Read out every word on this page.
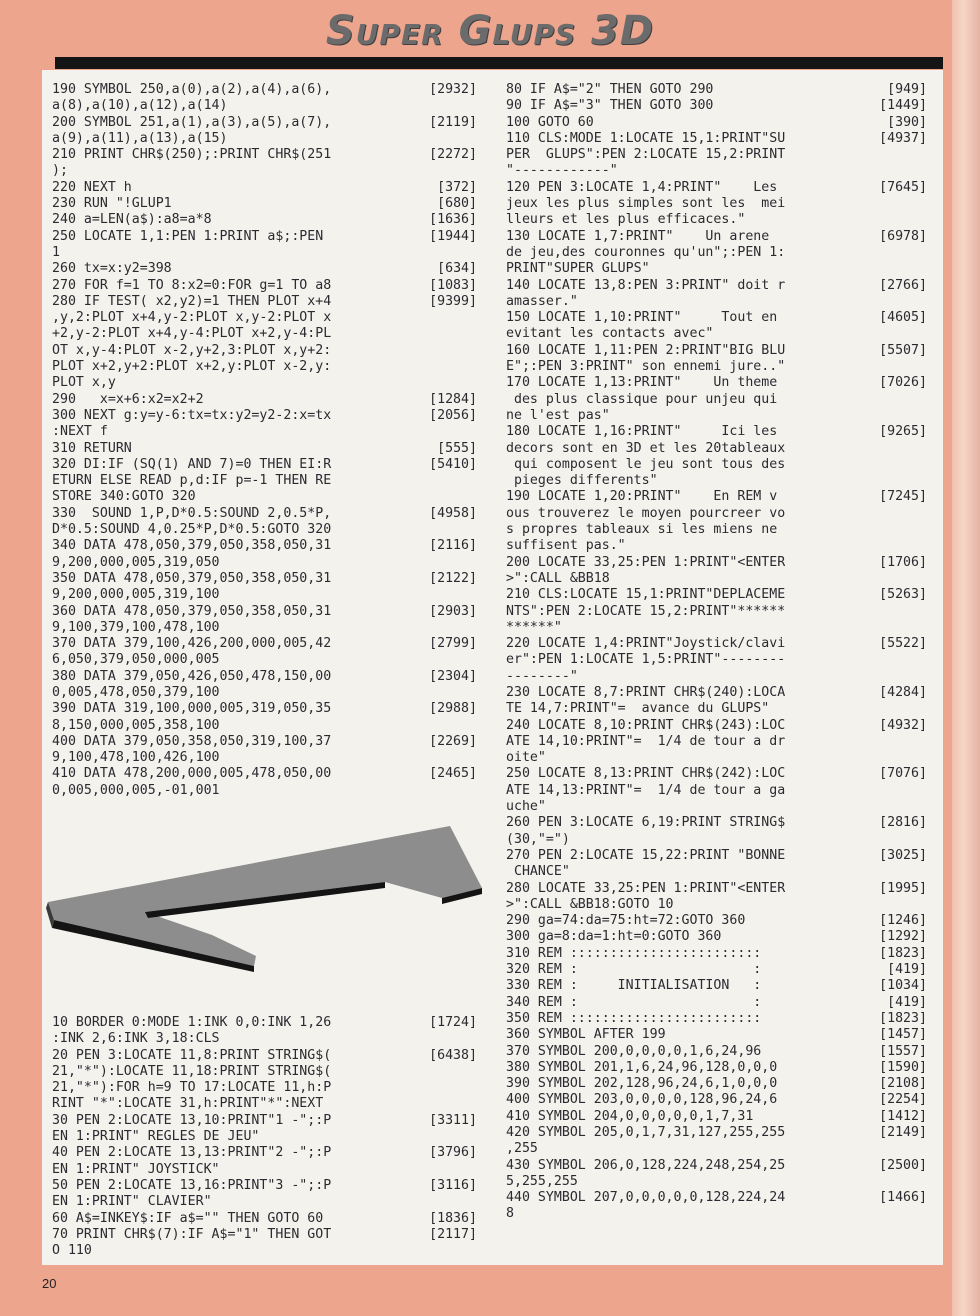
Super Glups 3D
190 SYMBOL 250,a(0),a(2),a(4),a(6),
a(8),a(10),a(12),a(14)
[2932]
200 SYMBOL 251,a(1),a(3),a(5),a(7),
a(9),a(11),a(13),a(15)
[2119]
210 PRINT CHR$(250);:PRINT CHR$(251
);
[2272]
220 NEXT h	[372]
230 RUN "!GLUP1	[680]
240 a=LEN(a$):a8=a*8	[1636]
250 LOCATE 1,1:PEN 1:PRINT a$;:PEN
1
[1944]
260 tx=x:y2=398	[634]
270 FOR f=1 TO 8:x2=0:FOR g=1 TO a8	[1083]
280 IF TEST( x2,y2)=1 THEN PLOT x+4
,y,2:PLOT x+4,y-2:PLOT x,y-2:PLOT x
+2,y-2:PLOT x+4,y-4:PLOT x+2,y-4:PL
OT x,y-4:PLOT x-2,y+2,3:PLOT x,y+2:
PLOT x+2,y+2:PLOT x+2,y:PLOT x-2,y:
PLOT x,y
[9399]
290   x=x+6:x2=x2+2	[1284]
300 NEXT g:y=y-6:tx=tx:y2=y2-2:x=tx
:NEXT f
[2056]
310 RETURN	[555]
320 DI:IF (SQ(1) AND 7)=0 THEN EI:R
ETURN ELSE READ p,d:IF p=-1 THEN RE
STORE 340:GOTO 320
[5410]
330  SOUND 1,P,D*0.5:SOUND 2,0.5*P,
D*0.5:SOUND 4,0.25*P,D*0.5:GOTO 320
[4958]
340 DATA 478,050,379,050,358,050,31
9,200,000,005,319,050
[2116]
350 DATA 478,050,379,050,358,050,31
9,200,000,005,319,100
[2122]
360 DATA 478,050,379,050,358,050,31
9,100,379,100,478,100
[2903]
370 DATA 379,100,426,200,000,005,42
6,050,379,050,000,005
[2799]
380 DATA 379,050,426,050,478,150,00
0,005,478,050,379,100
[2304]
390 DATA 319,100,000,005,319,050,35
8,150,000,005,358,100
[2988]
400 DATA 379,050,358,050,319,100,37
9,100,478,100,426,100
[2269]
410 DATA 478,200,000,005,478,050,00
0,005,000,005,-01,001
[2465]
10 BORDER 0:MODE 1:INK 0,0:INK 1,26
:INK 2,6:INK 3,18:CLS
[1724]
20 PEN 3:LOCATE 11,8:PRINT STRING$(
21,"*"):LOCATE 11,18:PRINT STRING$(
21,"*"):FOR h=9 TO 17:LOCATE 11,h:P
RINT "*":LOCATE 31,h:PRINT"*":NEXT
[6438]
30 PEN 2:LOCATE 13,10:PRINT"1 -";:P
EN 1:PRINT" REGLES DE JEU"
[3311]
40 PEN 2:LOCATE 13,13:PRINT"2 -";:P
EN 1:PRINT" JOYSTICK"
[3796]
50 PEN 2:LOCATE 13,16:PRINT"3 -";:P
EN 1:PRINT" CLAVIER"
[3116]
60 A$=INKEY$:IF a$="" THEN GOTO 60	[1836]
70 PRINT CHR$(7):IF A$="1" THEN GOT
O 110
[2117]
80 IF A$="2" THEN GOTO 290	[949]
90 IF A$="3" THEN GOTO 300	[1449]
100 GOTO 60	[390]
110 CLS:MODE 1:LOCATE 15,1:PRINT"SU
PER  GLUPS":PEN 2:LOCATE 15,2:PRINT
"------------"
[4937]
120 PEN 3:LOCATE 1,4:PRINT"    Les
jeux les plus simples sont les  mei
lleurs et les plus efficaces."
[7645]
130 LOCATE 1,7:PRINT"    Un arene
de jeu,des couronnes qu'un";:PEN 1:
PRINT"SUPER GLUPS"
[6978]
140 LOCATE 13,8:PEN 3:PRINT" doit r
amasser."
[2766]
150 LOCATE 1,10:PRINT"     Tout en
evitant les contacts avec"
[4605]
160 LOCATE 1,11:PEN 2:PRINT"BIG BLU
E";:PEN 3:PRINT" son ennemi jure.."
[5507]
170 LOCATE 1,13:PRINT"    Un theme
des plus classique pour unjeu qui
ne l'est pas"
[7026]
180 LOCATE 1,16:PRINT"     Ici les
decors sont en 3D et les 20tableaux
qui composent le jeu sont tous des
pieges differents"
[9265]
190 LOCATE 1,20:PRINT"    En REM v
ous trouverez le moyen pourcreer vo
s propres tableaux si les miens ne
suffisent pas."
[7245]
200 LOCATE 33,25:PEN 1:PRINT"<ENTER
>":CALL &BB18
[1706]
210 CLS:LOCATE 15,1:PRINT"DEPLACEME
NTS":PEN 2:LOCATE 15,2:PRINT"******
******"
[5263]
220 LOCATE 1,4:PRINT"Joystick/clavi
er":PEN 1:LOCATE 1,5:PRINT"--------
--------"
[5522]
230 LOCATE 8,7:PRINT CHR$(240):LOCA
TE 14,7:PRINT"=  avance du GLUPS"
[4284]
240 LOCATE 8,10:PRINT CHR$(243):LOC
ATE 14,10:PRINT"=  1/4 de tour a dr
oite"
[4932]
250 LOCATE 8,13:PRINT CHR$(242):LOC
ATE 14,13:PRINT"=  1/4 de tour a ga
uche"
[7076]
260 PEN 3:LOCATE 6,19:PRINT STRING$
(30,"=")
[2816]
270 PEN 2:LOCATE 15,22:PRINT "BONNE
CHANCE"
[3025]
280 LOCATE 33,25:PEN 1:PRINT"<ENTER
>":CALL &BB18:GOTO 10
[1995]
290 ga=74:da=75:ht=72:GOTO 360	[1246]
300 ga=8:da=1:ht=0:GOTO 360	[1292]
310 REM ::::::::::::::::::::::::	[1823]
320 REM :                      :	[419]
330 REM :     INITIALISATION   :	[1034]
340 REM :                      :	[419]
350 REM ::::::::::::::::::::::::	[1823]
360 SYMBOL AFTER 199	[1457]
370 SYMBOL 200,0,0,0,0,1,6,24,96	[1557]
380 SYMBOL 201,1,6,24,96,128,0,0,0	[1590]
390 SYMBOL 202,128,96,24,6,1,0,0,0	[2108]
400 SYMBOL 203,0,0,0,0,128,96,24,6	[2254]
410 SYMBOL 204,0,0,0,0,0,1,7,31	[1412]
420 SYMBOL 205,0,1,7,31,127,255,255
,255
[2149]
430 SYMBOL 206,0,128,224,248,254,25
5,255,255
[2500]
440 SYMBOL 207,0,0,0,0,0,128,224,24
8
[1466]
20
